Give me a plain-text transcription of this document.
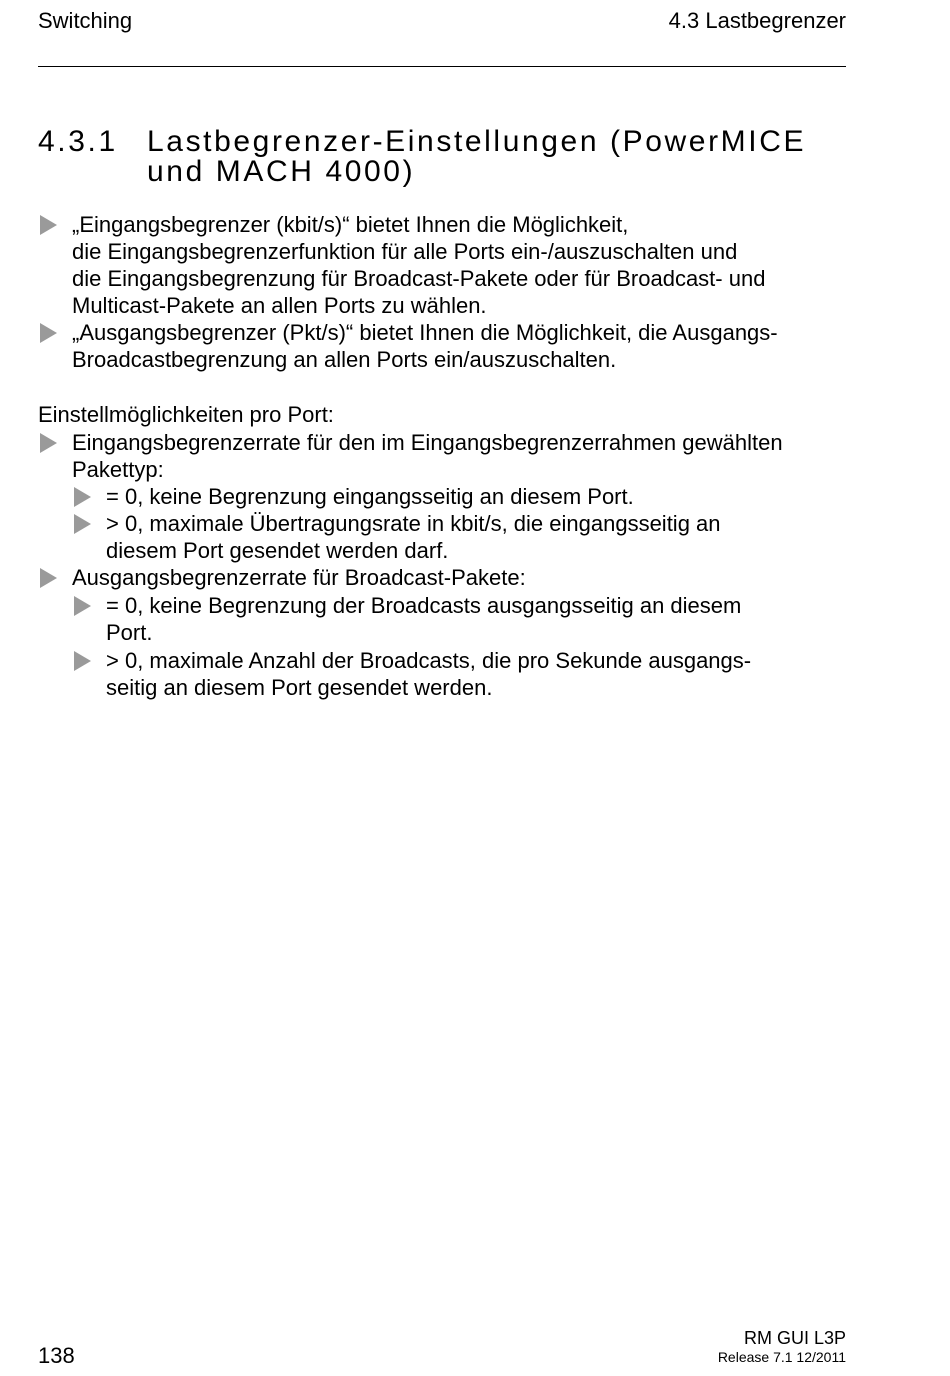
Switching	4.3 Lastbegrenzer
4.3.1 Lastbegrenzer-Einstellungen (PowerMICE
und MACH 4000)
„Eingangsbegrenzer (kbit/s)“ bietet Ihnen die Möglichkeit,
die Eingangsbegrenzerfunktion für alle Ports ein-/auszuschalten und
die Eingangsbegrenzung für Broadcast-Pakete oder für Broadcast- und
Multicast-Pakete an allen Ports zu wählen.
„Ausgangsbegrenzer (Pkt/s)“ bietet Ihnen die Möglichkeit, die Ausgangs-
Broadcastbegrenzung an allen Ports ein/auszuschalten.
Einstellmöglichkeiten pro Port:
Eingangsbegrenzerrate für den im Eingangsbegrenzerrahmen gewählten
Pakettyp:
= 0, keine Begrenzung eingangsseitig an diesem Port.
> 0, maximale Übertragungsrate in kbit/s, die eingangsseitig an
diesem Port gesendet werden darf.
Ausgangsbegrenzerrate für Broadcast-Pakete:
= 0, keine Begrenzung der Broadcasts ausgangsseitig an diesem
Port.
> 0, maximale Anzahl der Broadcasts, die pro Sekunde ausgangs-
seitig an diesem Port gesendet werden.
138
RM GUI L3P
Release 7.1 12/2011
